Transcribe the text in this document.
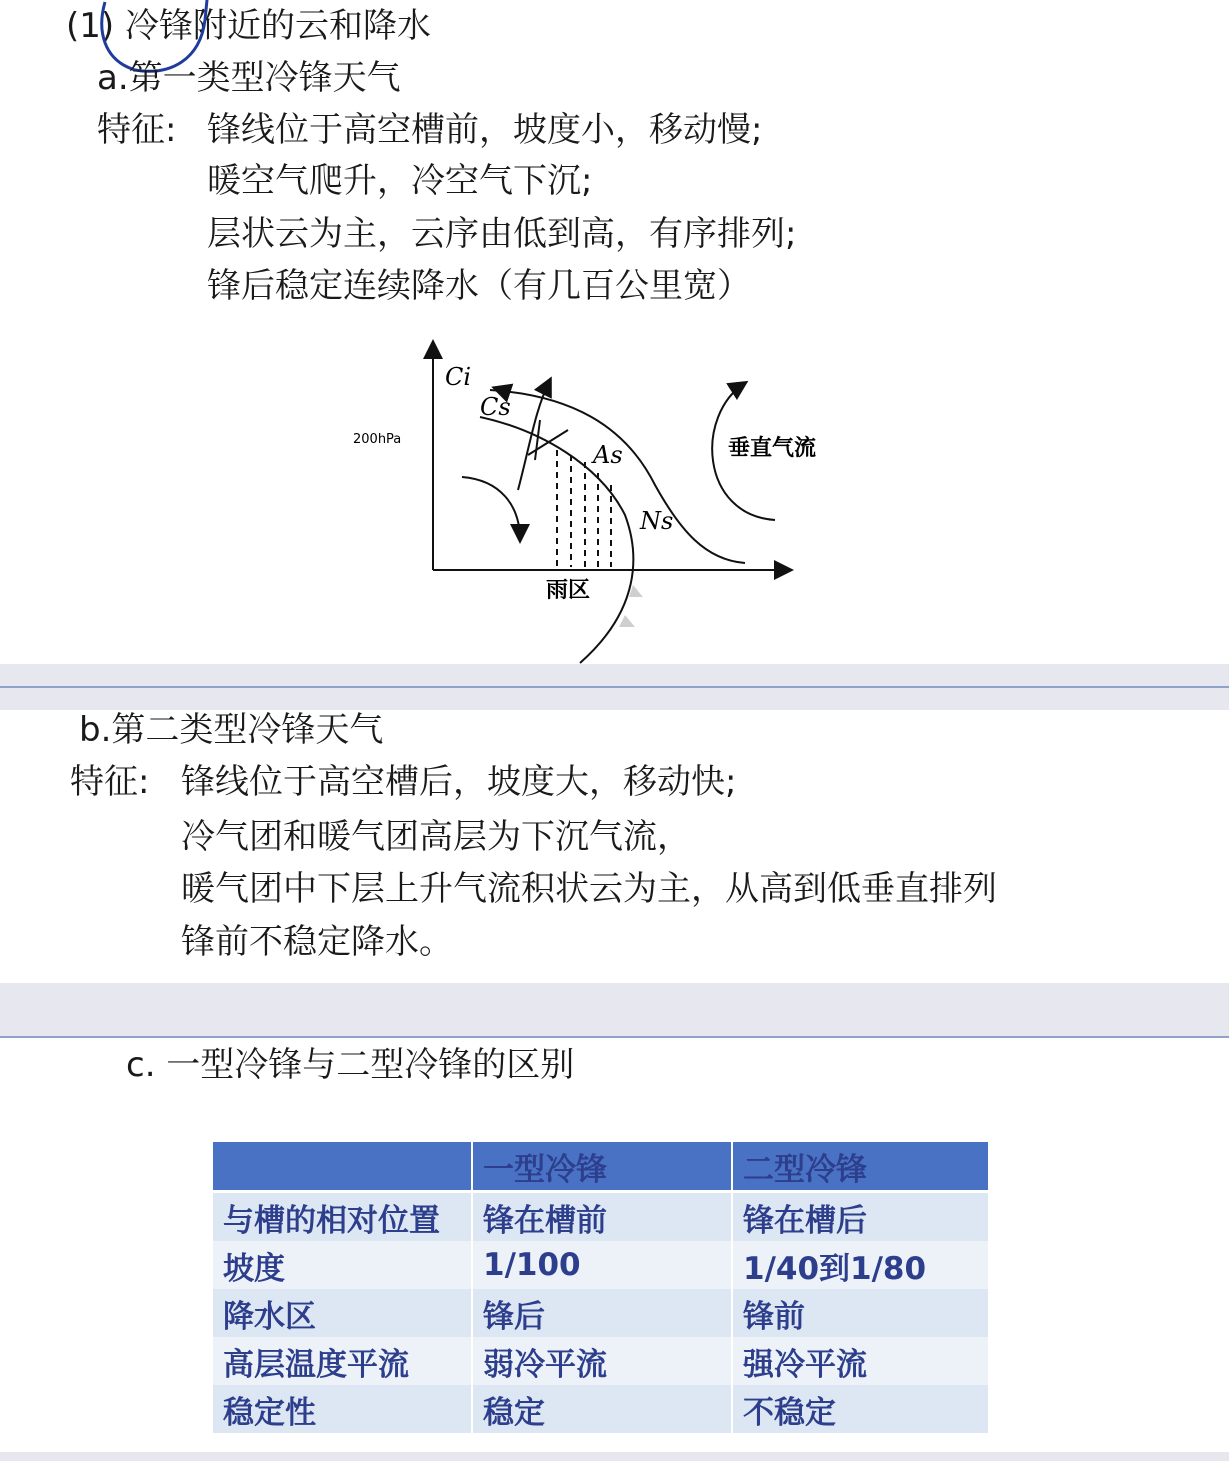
(1) 冷锋附近的云和降水

a.第一类型冷锋天气

特征: 锋线位于高空槽前，坡度小，移动慢;

暖空气爬升，冷空气下沉;

层状云为主，云序由低到高，有序排列;

锋后稳定连续降水（有几百公里宽）

Ci
Cs
As
Ns
200hPa	垂直气流
雨区

b.第二类型冷锋天气

特征: 锋线位于高空槽后，坡度大，移动快;

冷气团和暖气团高层为下沉气流，

暖气团中下层上升气流积状云为主，从高到低垂直排列

锋前不稳定降水。

c. 一型冷锋与二型冷锋的区别

	一型冷锋	二型冷锋
与槽的相对位置	锋在槽前	锋在槽后
坡度	1/100	1/40到1/80
降水区	锋后	锋前
高层温度平流	弱冷平流	强冷平流
稳定性	稳定	不稳定
